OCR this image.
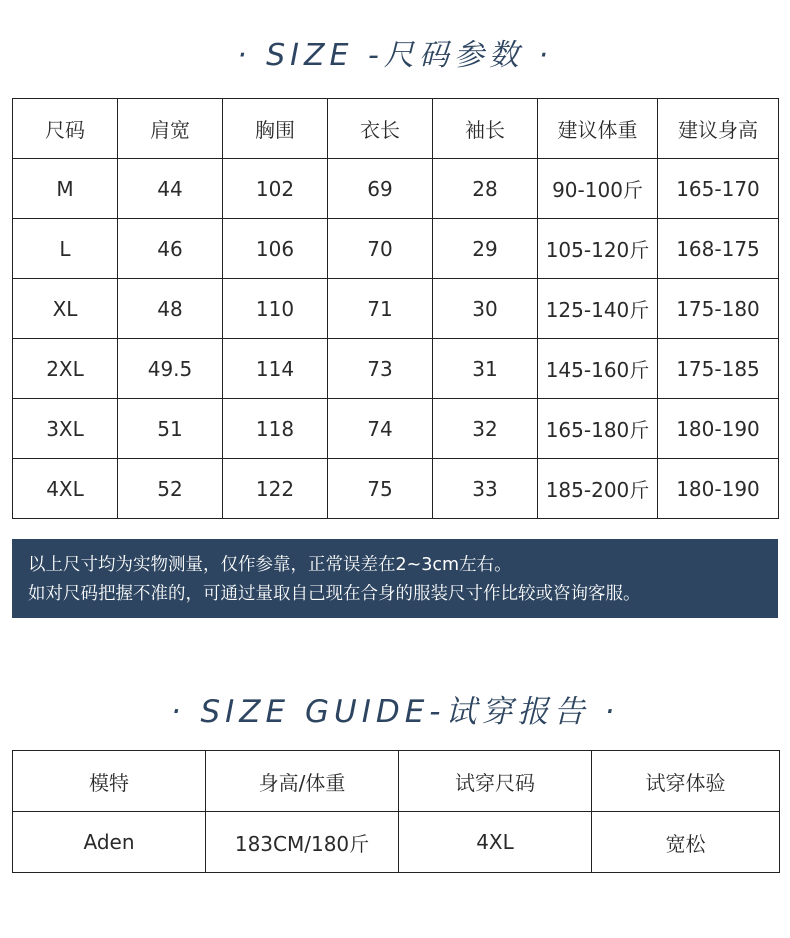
· SIZE -尺码参数 ·
尺码	肩宽	胸围	衣长	袖长	建议体重	建议身高
M	44	102	69	28	90-100斤	165-170
L	46	106	70	29	105-120斤	168-175
XL	48	110	71	30	125-140斤	175-180
2XL	49.5	114	73	31	145-160斤	175-185
3XL	51	118	74	32	165-180斤	180-190
4XL	52	122	75	33	185-200斤	180-190
以上尺寸均为实物测量，仅作参靠，正常误差在2~3cm左右。
如对尺码把握不准的，可通过量取自己现在合身的服装尺寸作比较或咨询客服。
· SIZE GUIDE-试穿报告 ·
模特	身高/体重	试穿尺码	试穿体验
Aden	183CM/180斤	4XL	宽松
